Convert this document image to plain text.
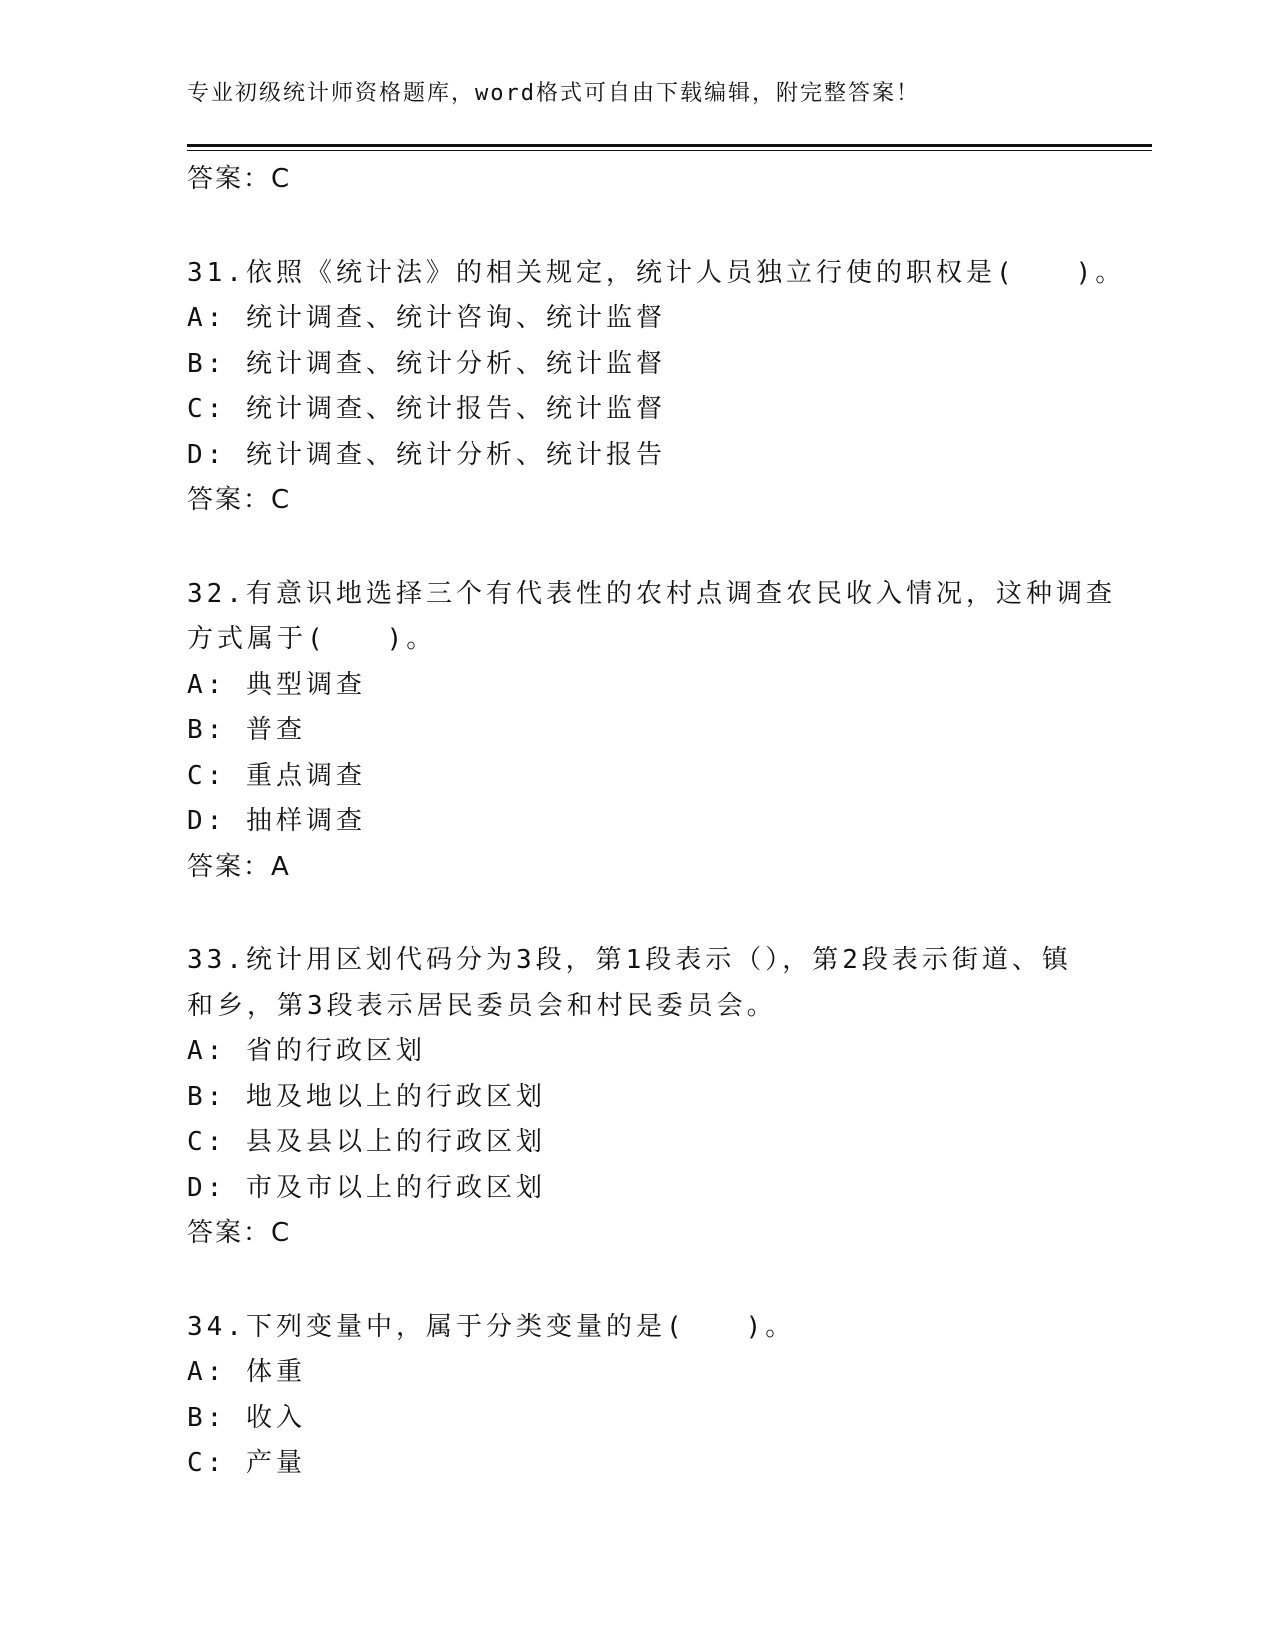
专业初级统计师资格题库，word格式可自由下载编辑，附完整答案！
答案：C
31.依照《统计法》的相关规定，统计人员独立行使的职权是(　　)。
A: 统计调查、统计咨询、统计监督
B: 统计调查、统计分析、统计监督
C: 统计调查、统计报告、统计监督
D: 统计调查、统计分析、统计报告
答案：C
32.有意识地选择三个有代表性的农村点调查农民收入情况，这种调查
方式属于(　　)。
A: 典型调查
B: 普查
C: 重点调查
D: 抽样调查
答案：A
33.统计用区划代码分为3段，第1段表示（），第2段表示街道、镇
和乡，第3段表示居民委员会和村民委员会。
A: 省的行政区划
B: 地及地以上的行政区划
C: 县及县以上的行政区划
D: 市及市以上的行政区划
答案：C
34.下列变量中，属于分类变量的是(　　)。
A: 体重
B: 收入
C: 产量
